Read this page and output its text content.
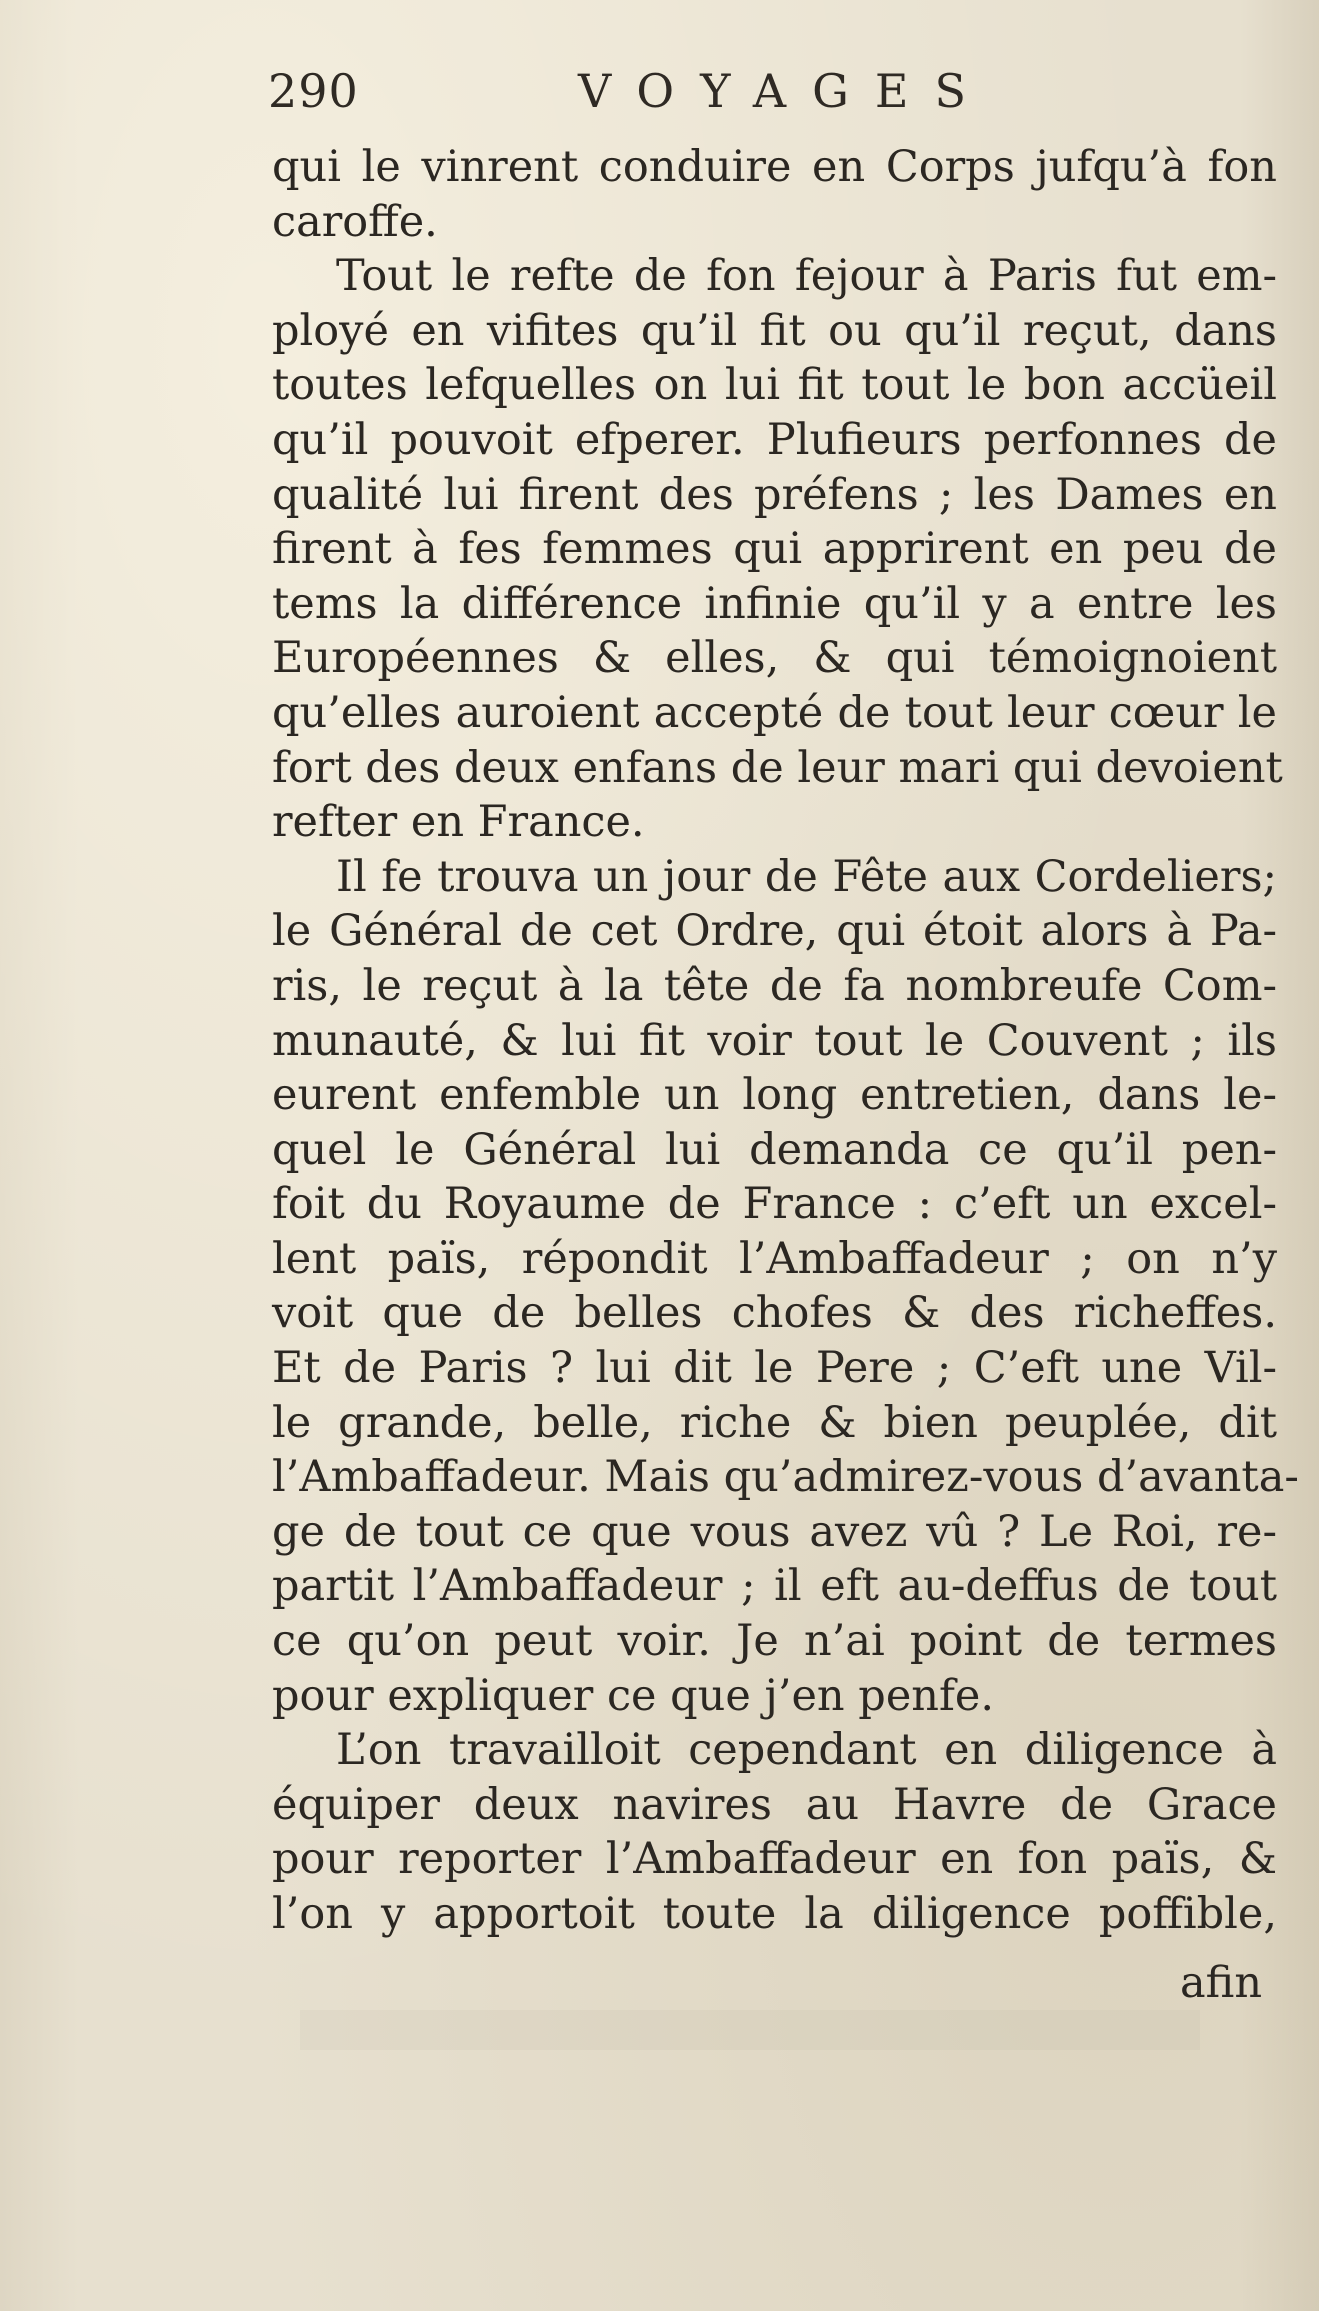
290	VOYAGES
qui le vinrent conduire en Corps jufqu’à fon
caroffe.
Tout le refte de fon fejour à Paris fut em-
ployé en vifites qu’il fit ou qu’il reçut, dans
toutes lefquelles on lui fit tout le bon accüeil
qu’il pouvoit efperer. Plufieurs perfonnes de
qualité lui firent des préfens ; les Dames en
firent à fes femmes qui apprirent en peu de
tems la différence infinie qu’il y a entre les
Européennes & elles, & qui témoignoient
qu’elles auroient accepté de tout leur cœur le
fort des deux enfans de leur mari qui devoient
refter en France.
Il fe trouva un jour de Fête aux Cordeliers;
le Général de cet Ordre, qui étoit alors à Pa-
ris, le reçut à la tête de fa nombreufe Com-
munauté, & lui fit voir tout le Couvent ; ils
eurent enfemble un long entretien, dans le-
quel le Général lui demanda ce qu’il pen-
foit du Royaume de France : c’eft un excel-
lent païs, répondit l’Ambaffadeur ; on n’y
voit que de belles chofes & des richeffes.
Et de Paris ? lui dit le Pere ; C’eft une Vil-
le grande, belle, riche & bien peuplée, dit
l’Ambaffadeur. Mais qu’admirez-vous d’avanta-
ge de tout ce que vous avez vû ? Le Roi, re-
partit l’Ambaffadeur ; il eft au-deffus de tout
ce qu’on peut voir. Je n’ai point de termes
pour expliquer ce que j’en penfe.
L’on travailloit cependant en diligence à
équiper deux navires au Havre de Grace
pour reporter l’Ambaffadeur en fon païs, &
l’on y apportoit toute la diligence poffible,
afin
